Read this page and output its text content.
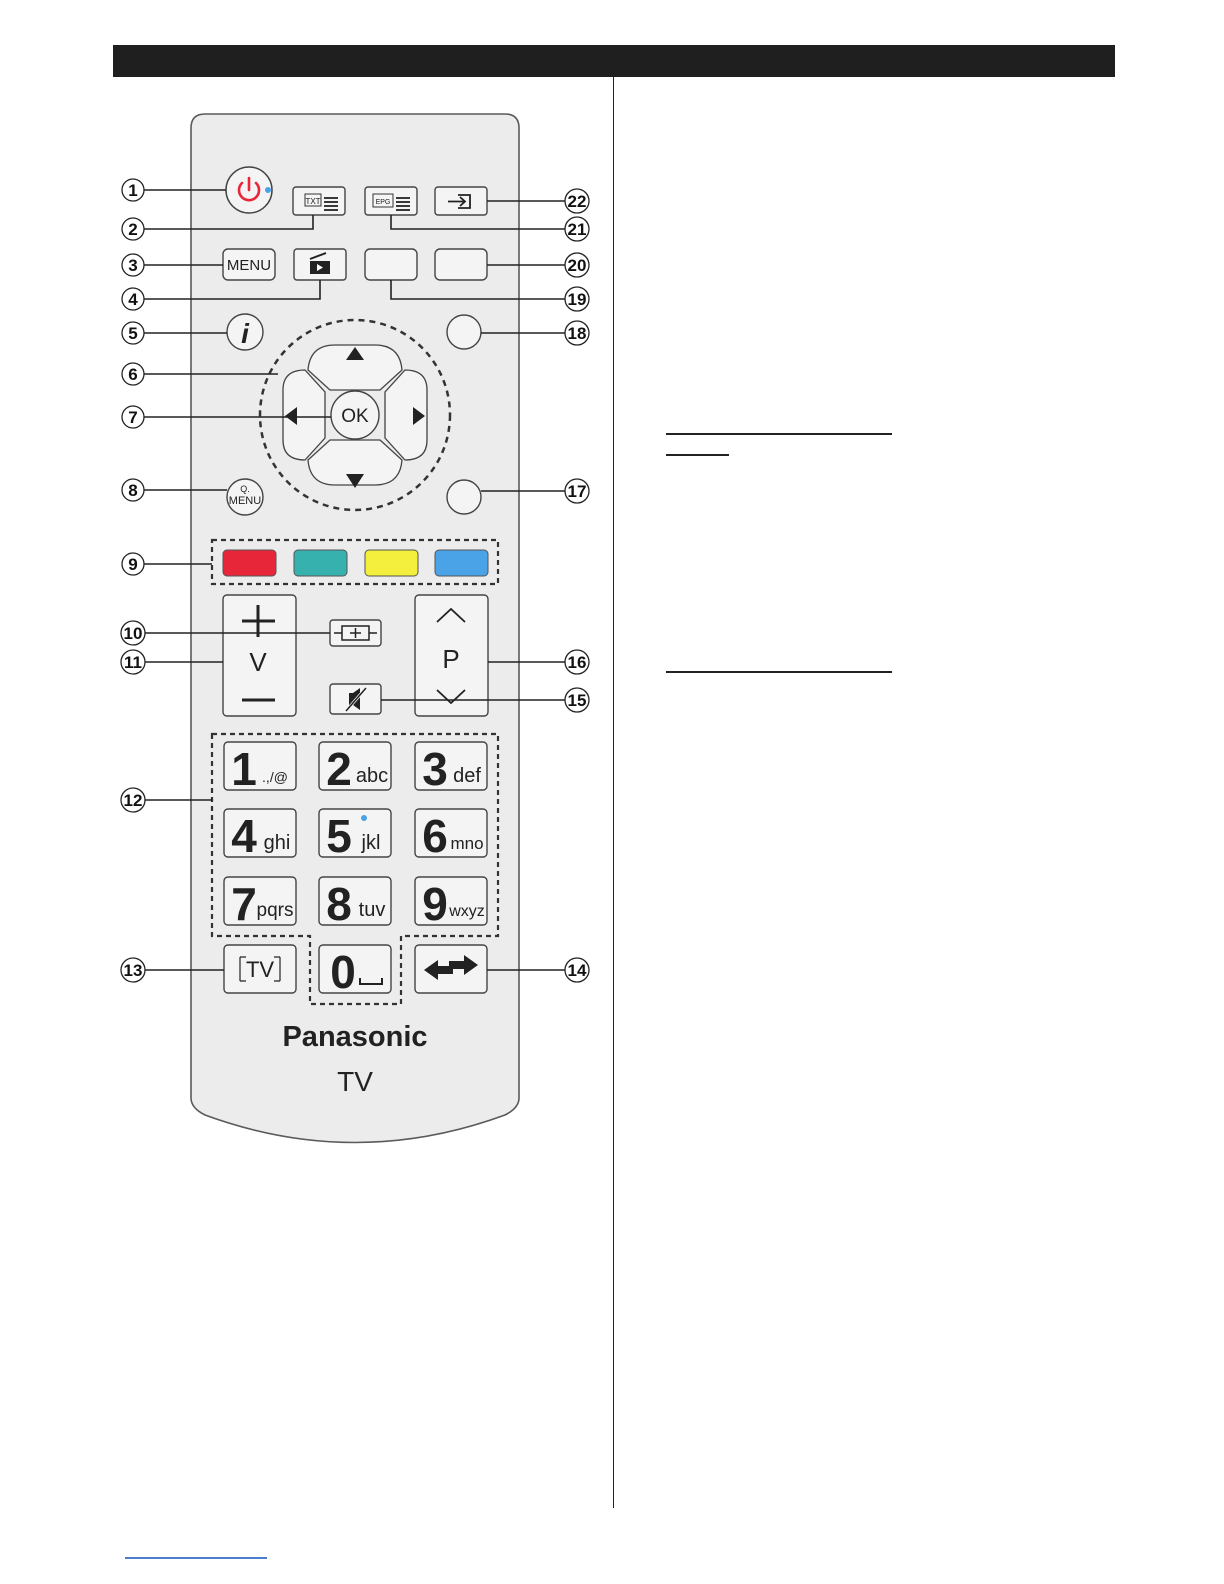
TXT	EPG
MENU
i
OK
Q.
MENU
V	P
1 .,/@ 2 abc 3 def
4 ghi 5 jkl 6 mno
7 pqrs 8 tuv 9 wxyz
0
TV
Panasonic
TV
1
2
3
4
5
6
7
8
9
10
11
12
13	14
15
16
17
18
19
20
21
22
